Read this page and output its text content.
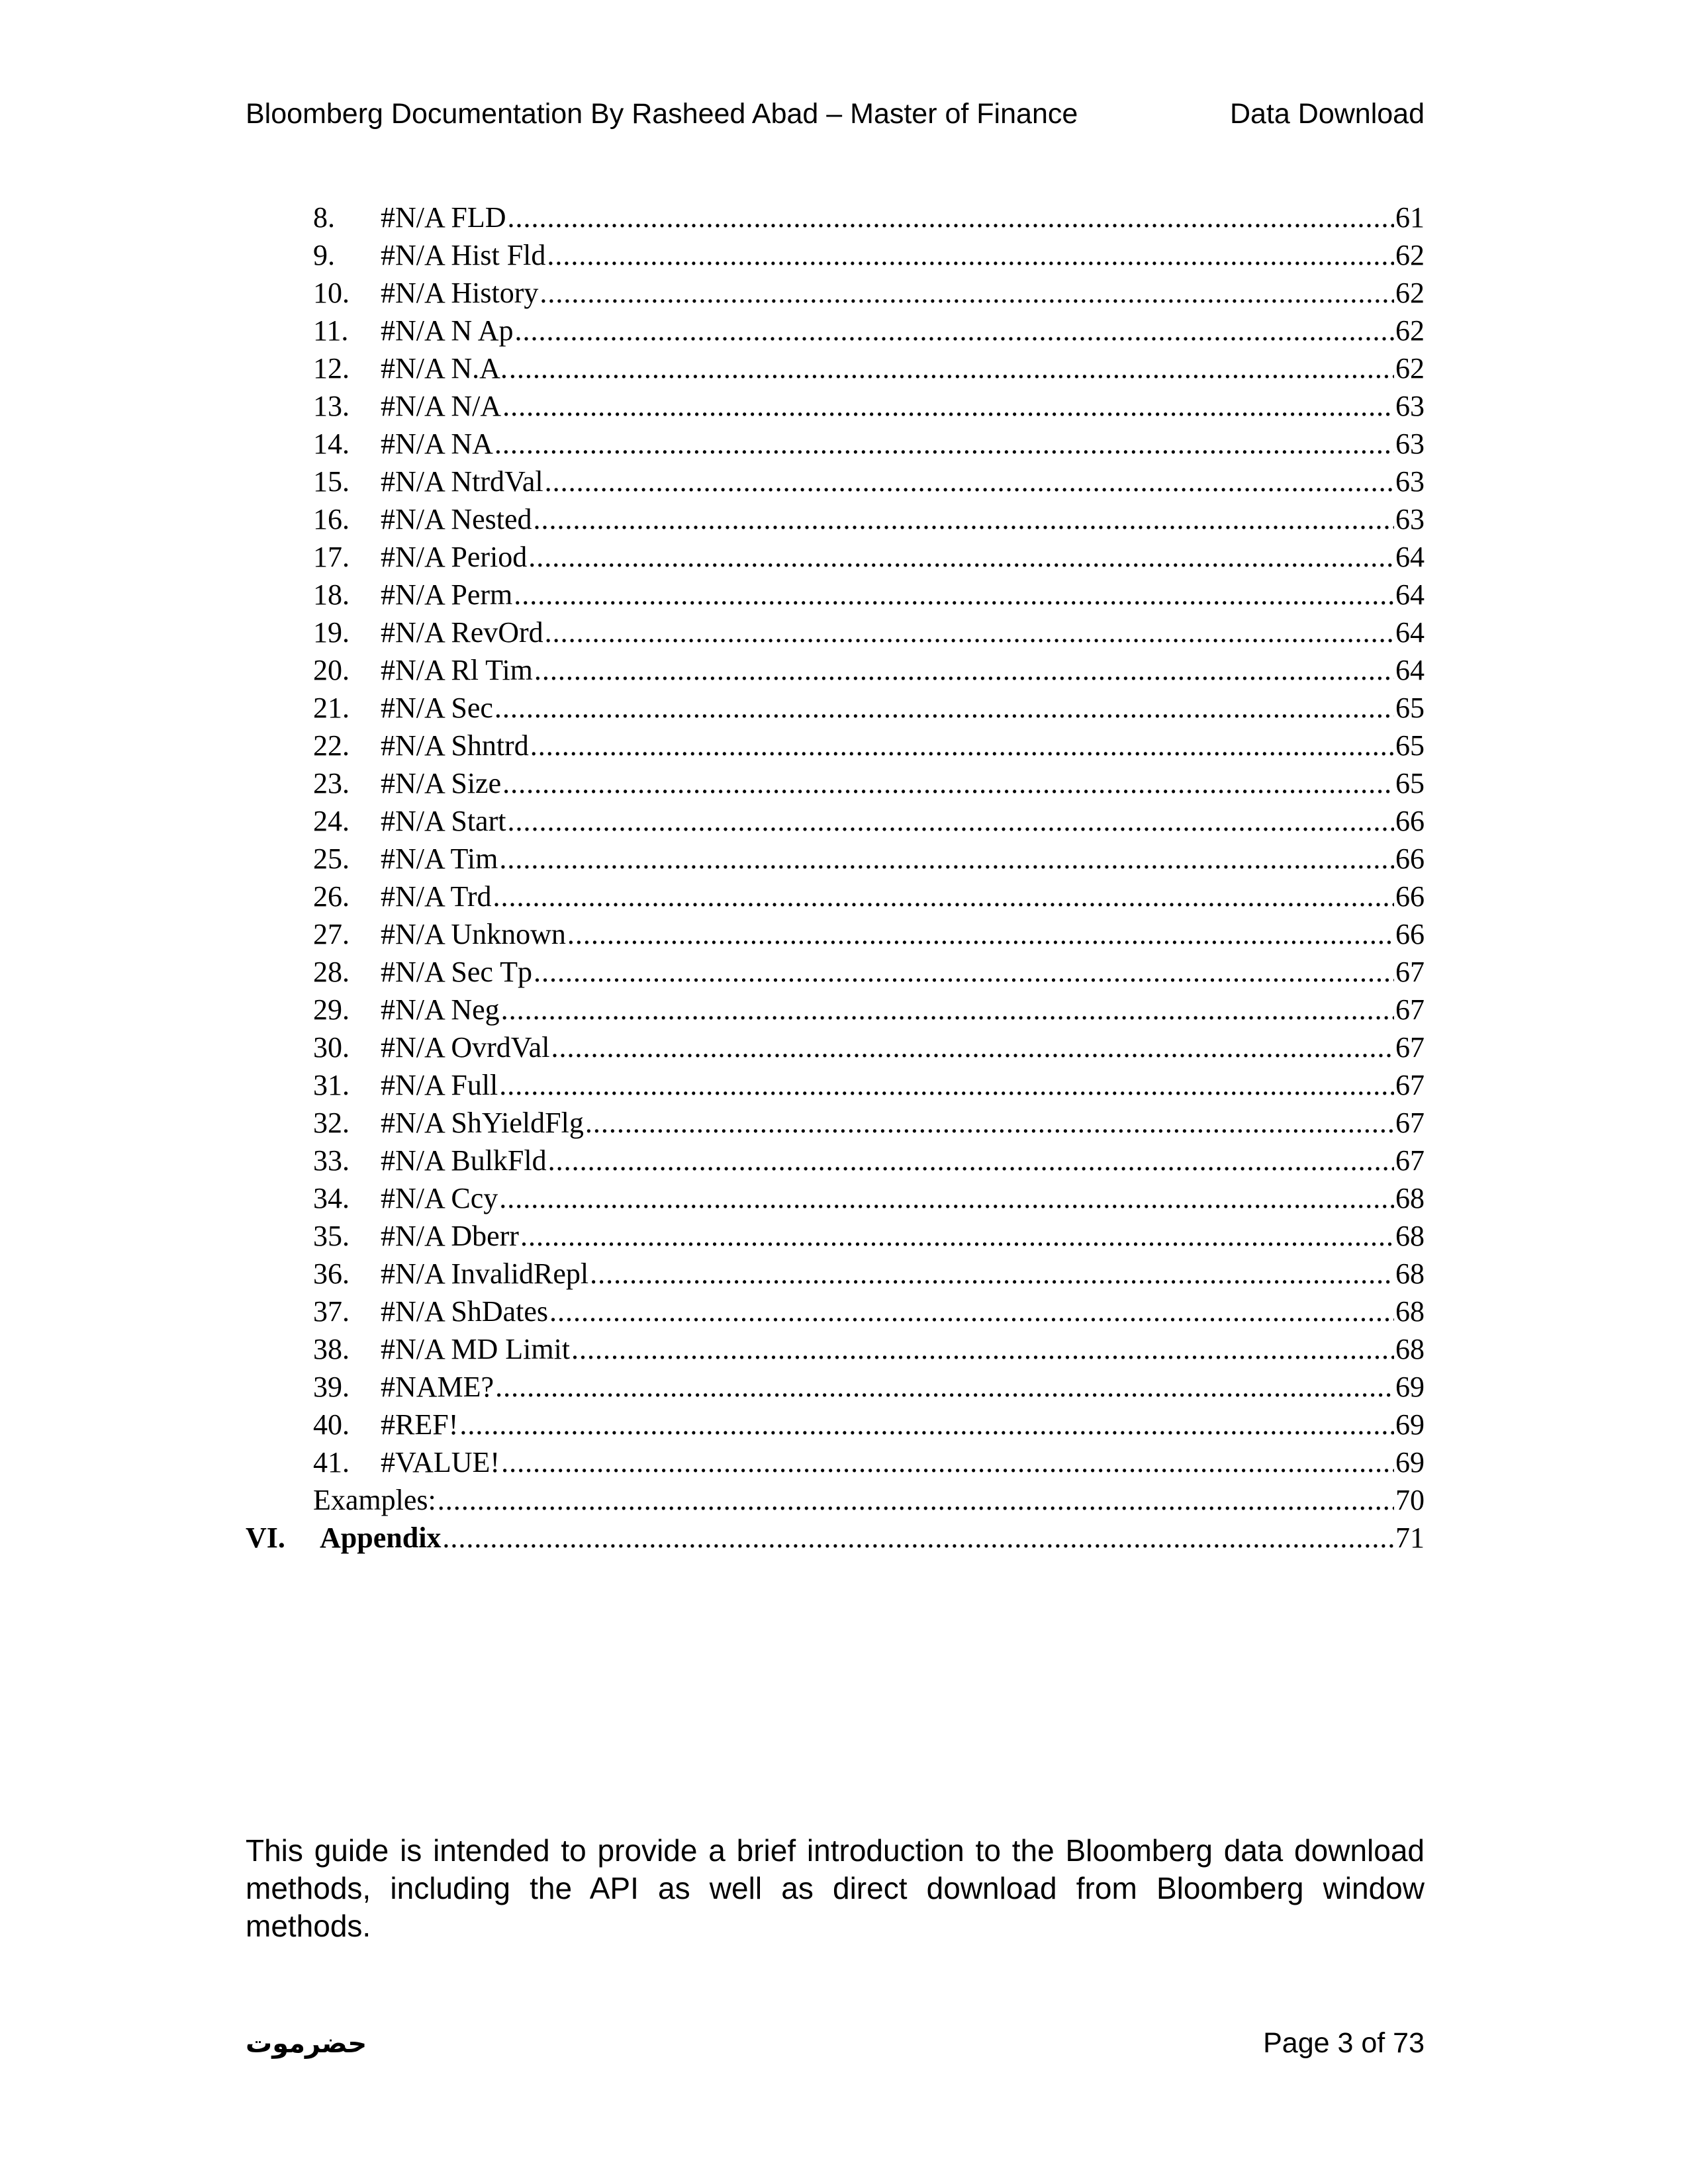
Bloomberg Documentation By Rasheed Abad – Master of Finance	Data Download
8.	#N/A FLD .....	61
9.	#N/A Hist Fld .....	62
10.	#N/A History .....	62
11.	#N/A N Ap .....	62
12.	#N/A N.A. .....	62
13.	#N/A N/A .....	63
14.	#N/A NA .....	63
15.	#N/A NtrdVal .....	63
16.	#N/A Nested .....	63
17.	#N/A Period .....	64
18.	#N/A Perm .....	64
19.	#N/A RevOrd .....	64
20.	#N/A Rl Tim .....	64
21.	#N/A Sec .....	65
22.	#N/A Shntrd .....	65
23.	#N/A Size .....	65
24.	#N/A Start .....	66
25.	#N/A Tim .....	66
26.	#N/A Trd .....	66
27.	#N/A Unknown .....	66
28.	#N/A Sec Tp .....	67
29.	#N/A Neg .....	67
30.	#N/A OvrdVal .....	67
31.	#N/A Full .....	67
32.	#N/A ShYieldFlg .....	67
33.	#N/A BulkFld .....	67
34.	#N/A Ccy .....	68
35.	#N/A Dberr .....	68
36.	#N/A InvalidRepl .....	68
37.	#N/A ShDates .....	68
38.	#N/A MD Limit .....	68
39.	#NAME? .....	69
40.	#REF! .....	69
41.	#VALUE! .....	69
Examples: .....	70
VI.	Appendix .....	71

This guide is intended to provide a brief introduction to the Bloomberg data download methods, including the API as well as direct download from Bloomberg window methods.

حضرموت	Page 3 of 73
